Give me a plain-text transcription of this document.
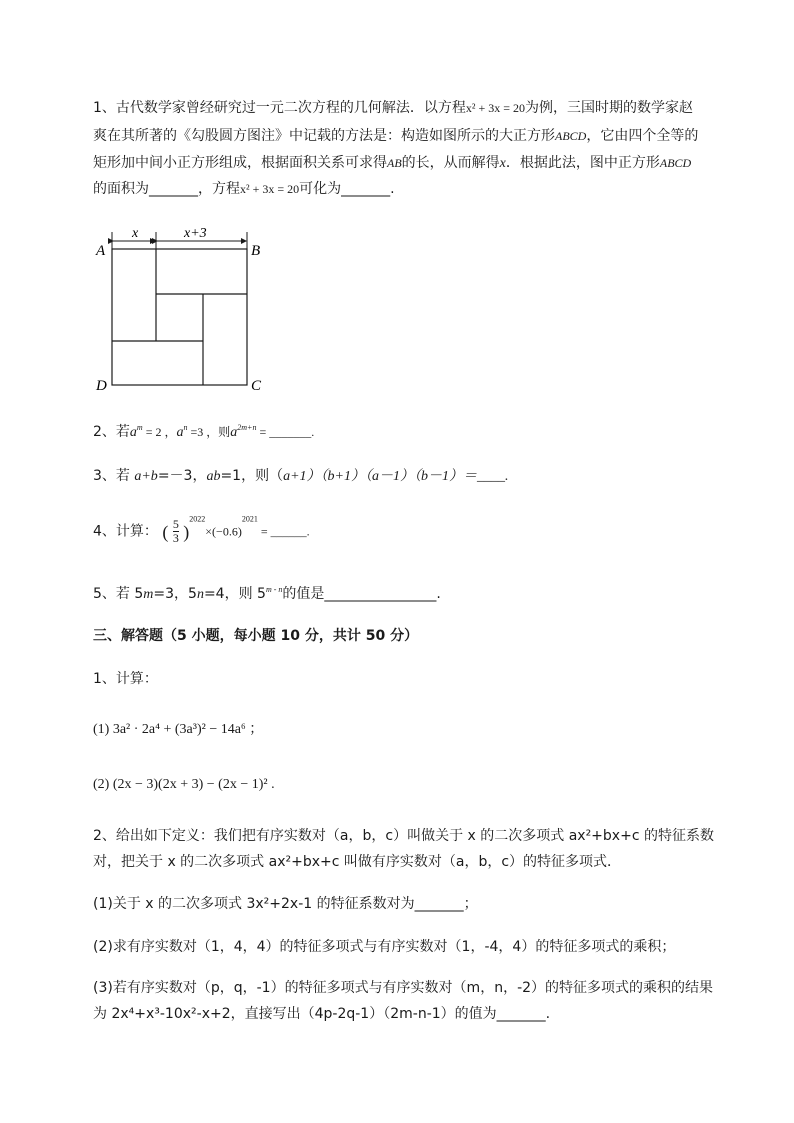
1、古代数学家曾经研究过一元二次方程的几何解法．以方程x² + 3x = 20为例，三国时期的数学家赵
爽在其所著的《勾股圆方图注》中记载的方法是：构造如图所示的大正方形ABCD，它由四个全等的
矩形加中间小正方形组成，根据面积关系可求得AB的长，从而解得x．根据此法，图中正方形ABCD
的面积为_______，方程x² + 3x = 20可化为_______.
x	x+3
A	B
C
D
2、若$a^m = 2$ ，$a^n =3$ ，则$a^{2m+n}$ = _______.
3、若 a+b=－3，ab=1，则（a+1）（b+1）（a－1）（b－1）＝____.
4、计算： ( $\frac{5}{3} )^{2022}\times(-0.6)^{2021}$ = ______.
5、若 5m=3，5n=4，则 5$^{m - n}$的值是________________.
三、解答题（5 小题，每小题 10 分，共计 50 分）
1、计算：
(1) 3a² · 2a⁴ + (3a³)² − 14a⁶ ；
(2) (2x − 3)(2x + 3) − (2x − 1)² .
2、给出如下定义：我们把有序实数对（a，b，c）叫做关于 x 的二次多项式 ax²+bx+c 的特征系数
对，把关于 x 的二次多项式 ax²+bx+c 叫做有序实数对（a，b，c）的特征多项式．
(1)关于 x 的二次多项式 3x²+2x-1 的特征系数对为_______；
(2)求有序实数对（1，4，4）的特征多项式与有序实数对（1，-4，4）的特征多项式的乘积；
(3)若有序实数对（p，q，-1）的特征多项式与有序实数对（m，n，-2）的特征多项式的乘积的结果
为 2x⁴+x³-10x²-x+2，直接写出（4p-2q-1）（2m-n-1）的值为_______.
